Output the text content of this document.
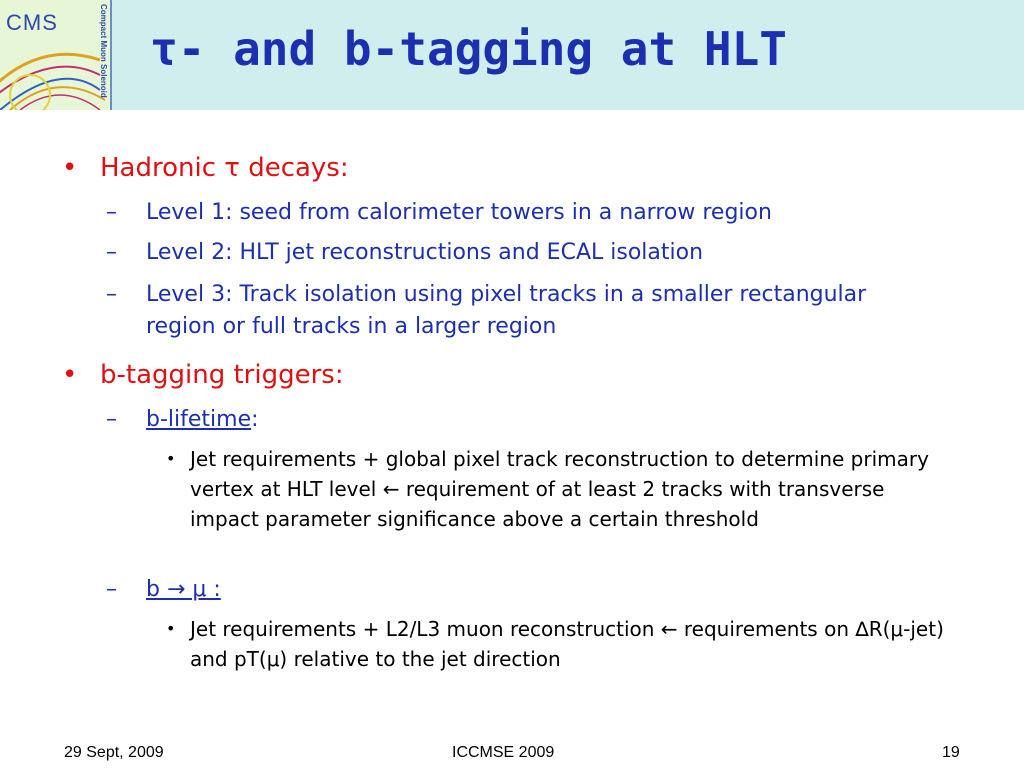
CMS	Compact Muon Solenoid τ- and b-tagging at HLT
• Hadronic τ decays:
– Level 1: seed from calorimeter towers in a narrow region
– Level 2: HLT jet reconstructions and ECAL isolation
– Level 3: Track isolation using pixel tracks in a smaller rectangular region or full tracks in a larger region
• b-tagging triggers:
– b-lifetime:
• Jet requirements + global pixel track reconstruction to determine primary vertex at HLT level ← requirement of at least 2 tracks with transverse impact parameter significance above a certain threshold
– b → μ :
• Jet requirements + L2/L3 muon reconstruction ← requirements on ∆R(μ-jet) and pT(μ) relative to the jet direction
29 Sept, 2009	ICCMSE 2009	19
